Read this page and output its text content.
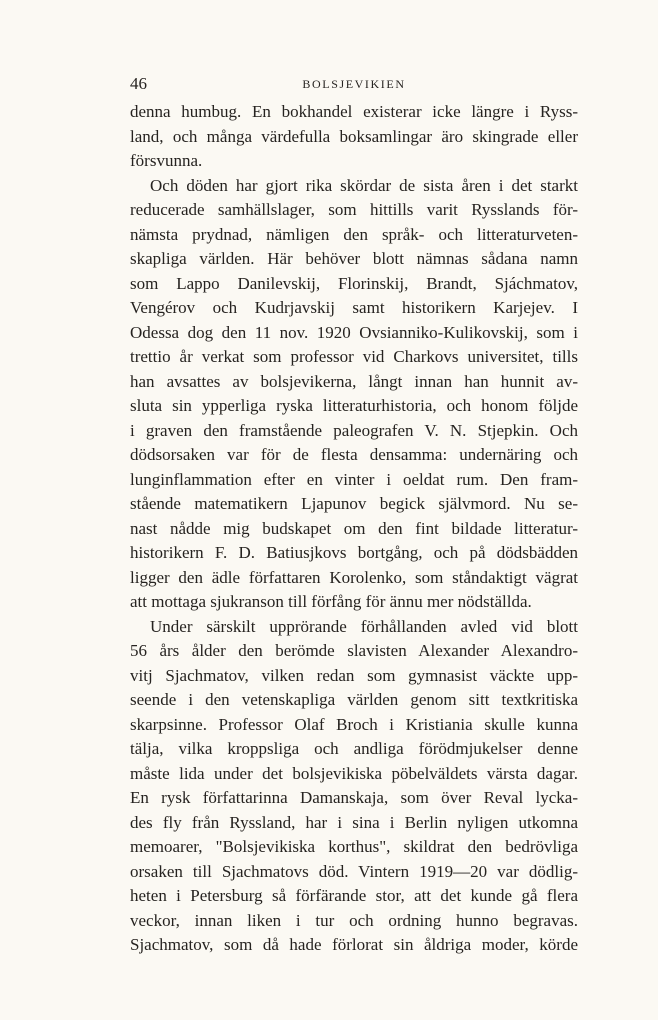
46	BOLSJEVIKIEN
denna humbug. En bokhandel existerar icke längre i Ryss-
land, och många värdefulla boksamlingar äro skingrade eller
försvunna.
Och döden har gjort rika skördar de sista åren i det starkt
reducerade samhällslager, som hittills varit Rysslands för-
nämsta prydnad, nämligen den språk- och litteraturveten-
skapliga världen. Här behöver blott nämnas sådana namn
som Lappo Danilevskij, Florinskij, Brandt, Sjáchmatov,
Vengérov och Kudrjavskij samt historikern Karjejev. I
Odessa dog den 11 nov. 1920 Ovsianniko-Kulikovskij, som i
trettio år verkat som professor vid Charkovs universitet, tills
han avsattes av bolsjevikerna, långt innan han hunnit av-
sluta sin ypperliga ryska litteraturhistoria, och honom följde
i graven den framstående paleografen V. N. Stjepkin. Och
dödsorsaken var för de flesta densamma: undernäring och
lunginflammation efter en vinter i oeldat rum. Den fram-
stående matematikern Ljapunov begick självmord. Nu se-
nast nådde mig budskapet om den fint bildade litteratur-
historikern F. D. Batiusjkovs bortgång, och på dödsbädden
ligger den ädle författaren Korolenko, som ståndaktigt vägrat
att mottaga sjukranson till förfång för ännu mer nödställda.
Under särskilt upprörande förhållanden avled vid blott
56 års ålder den berömde slavisten Alexander Alexandro-
vitj Sjachmatov, vilken redan som gymnasist väckte upp-
seende i den vetenskapliga världen genom sitt textkritiska
skarpsinne. Professor Olaf Broch i Kristiania skulle kunna
tälja, vilka kroppsliga och andliga förödmjukelser denne
måste lida under det bolsjevikiska pöbelväldets värsta dagar.
En rysk författarinna Damanskaja, som över Reval lycka-
des fly från Ryssland, har i sina i Berlin nyligen utkomna
memoarer, "Bolsjevikiska korthus", skildrat den bedrövliga
orsaken till Sjachmatovs död. Vintern 1919—20 var dödlig-
heten i Petersburg så förfärande stor, att det kunde gå flera
veckor, innan liken i tur och ordning hunno begravas.
Sjachmatov, som då hade förlorat sin åldriga moder, körde
